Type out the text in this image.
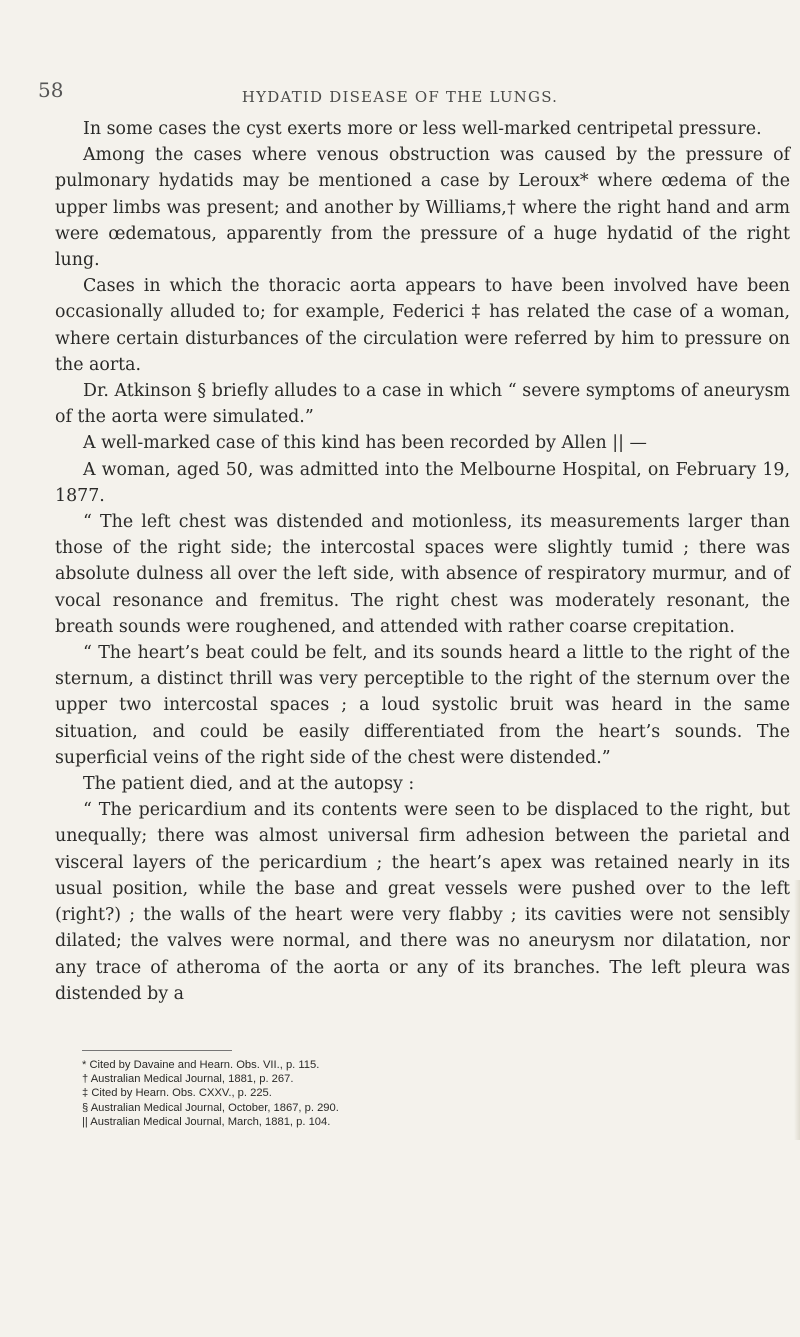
58	HYDATID DISEASE OF THE LUNGS.

In some cases the cyst exerts more or less well-marked centripetal pressure.

Among the cases where venous obstruction was caused by the pressure of pulmonary hydatids may be mentioned a case by Leroux* where œdema of the upper limbs was present; and another by Williams,† where the right hand and arm were œdematous, apparently from the pressure of a huge hydatid of the right lung.

Cases in which the thoracic aorta appears to have been involved have been occasionally alluded to; for example, Federici ‡ has related the case of a woman, where certain disturbances of the circulation were referred by him to pressure on the aorta.

Dr. Atkinson § briefly alludes to a case in which “ severe symptoms of aneurysm of the aorta were simulated.”

A well-marked case of this kind has been recorded by Allen || —

A woman, aged 50, was admitted into the Melbourne Hospital, on February 19, 1877.

“ The left chest was distended and motionless, its measurements larger than those of the right side; the intercostal spaces were slightly tumid ; there was absolute dulness all over the left side, with absence of respiratory murmur, and of vocal resonance and fremitus. The right chest was moderately resonant, the breath sounds were roughened, and attended with rather coarse crepitation.

“ The heart’s beat could be felt, and its sounds heard a little to the right of the sternum, a distinct thrill was very perceptible to the right of the sternum over the upper two intercostal spaces ; a loud systolic bruit was heard in the same situation, and could be easily differentiated from the heart’s sounds. The superficial veins of the right side of the chest were distended.”

The patient died, and at the autopsy :

“ The pericardium and its contents were seen to be displaced to the right, but unequally; there was almost universal firm adhesion between the parietal and visceral layers of the pericardium ; the heart’s apex was retained nearly in its usual position, while the base and great vessels were pushed over to the left (right?) ; the walls of the heart were very flabby ; its cavities were not sensibly dilated; the valves were normal, and there was no aneurysm nor dilatation, nor any trace of atheroma of the aorta or any of its branches. The left pleura was distended by a

* Cited by Davaine and Hearn. Obs. VII., p. 115.
† Australian Medical Journal, 1881, p. 267.
‡ Cited by Hearn. Obs. CXXV., p. 225.
§ Australian Medical Journal, October, 1867, p. 290.
|| Australian Medical Journal, March, 1881, p. 104.
